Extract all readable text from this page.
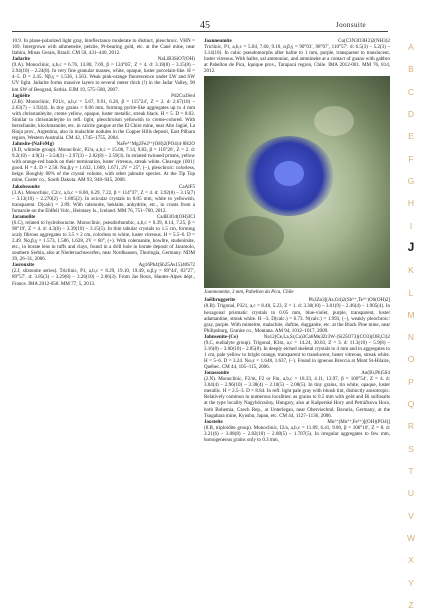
45	Joonsuite

10.9. In plane-polarized light gray, bireflectance moderate to distinct, pleochroic. VHN = 169. Intergrown with athmeneite, petzite, Pt-bearing gold, etc. at the Caué mine, near Itabira, Minas Gerais, Brazil. CM 50, 431–440, 2012.

Jadarite	NaLiB3SiO7(OH)

(9.A). Monoclinic, a,b,c = 6.76, 13.80, 7.69, β = 124°05′, Z = 4. d: 3.18(8) – 3.15(8) – 2.94(10) – 2.24(8). In very fine granular masses, white, opaque, luster porcelain-like. H = 4–5. D = 2.45. Nβ,γ = 1.536, 1.563. Weak pink-orange fluorescence under LW and SW UV light. Jadarite forms massive layers to several meter thick (!) in the Jadar Valley, 90 km SW of Beograd, Serbia. EJM 19, 575–580, 2007.

Jagüéite	Pd2Cu3Se4

(2.B). Monoclinic, P21/c, a,b,c = 5.67, 9.91, 6.26, β = 115°24′, Z = 2. d: 2.67(10) – 2.63(7) – 1.92(4). In tiny grains < 0.06 mm, forming pyrite-like aggregates up to 4 mm with chrisstanleyite, creme yellow, opaque, luster metallic, streak black. H = 5. D = 8.02. Similar to chrisstanleyite in refl. light, pleochroism yellowish to creme-colored. With berzelianite, klockmannite, etc. in calcite gangue at the El Chire mine, near Alto Jagüé, La Rioja prov., Argentina, also in malachite nodules in the Copper Hills deposit, East Pilbara region, Western Australia. CM 42, 1745–1755, 2004.

Jahnsite-(NaFeMg)	NaFe³⁺Mg2Fe2³⁺(OH)2(PO4)4·8H2O

(8.D, whiteite group). Monoclinic, P2/a, a,b,c = 15.08, 7.14, 9.83, β = 110°26′, Z = 2. d: 9.2(10) – 4.9(3) – 3.54(3) – 2.97(3) – 2.82(8) – 2.59(3). In striated twinned prisms, yellow with orange-red bands on their termination, luster vitreous, streak white. Cleavage {001} good. H = 4. D = 2.58. Nα,β,γ = 1.632, 1.669, 1.671, 2V = 25°, (−), pleochroic: colorless, beige. Roughly 80% of the crystal volume, with other jahnsite species. At the Tip Top mine, Custer co., South Dakota. AM 93, 940–945, 2008.

Jakobssonite	CaAlF5

(3.A). Monoclinic, C2/c, a,b,c = 8.00, 6.29, 7.22, β = 114°37′, Z = 4. d: 3.92(8) – 3.15(7) – 3.13(10) – 2.270(2) – 1.805(2). In acicular crystals to 0.05 mm, white to yellowish, transparent. D(calc) = 2.89. With ralstonite, heklaite, anhydrite, etc., in crusts from a fumarole on the Eldfell Volc., Heimaey Is., Iceland. MM 76, 751–760, 2012.

Jaramolite	Ca4B3O4(OH)3Cl

(6.C), related to hydroboracite. Monoclinic, pseudorhombic, a,b,c = 8.39, 8.14, 7.25, β = 98°19′, Z = 4. d: 4.3(6) – 3.39(10) – 3.15(5). In thin tabular crystals to 1.5 cm, forming scaly fibrous aggregates to 3.5 × 2 cm, colorless to white, luster vitreous. H = 5.5–6. D = 2.49. Nα,β,γ = 1.573, 1.586, 1.628, 2V = 60°, (+). With colemanite, howlite, studenitsite, etc., in borate lens in tuffs and clays, found in a drill hole in borate deposit of Jaramolo, southern Serbia, also at Niedersachswerfen, near Nordhausen, Thuringia, Germany. NDM 39, 26–31, 2006.

Jasrouxite	Ag16Pb4(Sb25As15)40S72

(2.J, slistonite series). Triclinic, P1, a,b,c = 8.29, 19.10, 19.49, α,β,γ = 89°44′, 83°27′, 89°57′. d: 3.85(3) – 3.29(8) – 3.26(10) – 2.86(3). From Jas Roux, Hautes-Alpes dépt., France. IMA 2012-058. MM 77, 5, 2013.

Joanneumite	Cu(C3N3O3H2)2(NH3)2

Triclinic, P1, a,b,c = 5.04, 7.60, 9.10, α,β,γ = 90°03′, 98°07′, 110°57′. d: 6.5(3) – 5.2(3) – 3.14(10). In cubic pseudomorphs after halite to 1 mm, purple, transparent to translucent, luster vitreous. With halite, sal ammoniac, and ammineite at a contact of guano with gabbro at Pabellon de Pica, Iquique prov., Tarapacá region, Chile. IMA 2012-001. MM 76, 814, 2012.

Joanneumite, 3 mm, Pabellon da Pica, Chile

Joëlbruggerite	Pb3Zn3[(As,O4)2(Sb⁵⁺,Te⁶⁺)O6(OH)2]

(8.B). Trigonal, P321, a,c = 8.48, 5.23, Z = 1. d: 3.30(10) – 3.01(9) – 2.46(4) – 1.905(4). In hexagonal prismatic crystals to 0.05 mm, blue-violet, purple, transparent, luster adamantine, streak white. H ~3. D(calc.) = 6.73. N(calc.) = 1.993, (−), weakly pleochroic: gray, purple. With mimetite, malachite, duftite, dugganite, etc. at the Black Pine mine, near Philipsburg, Granite co., Montana. AM 94, 1012–1017, 2009.

Johnsenite-(Ce)	Na12(Ce,La,Sr,Ca)3Ca6Mn3Zr3W·(Si25O73)(CO3)(OH,Cl)2

(9.C, eudialyte group). Trigonal, R3m, a,c = 14.24, 30.03, Z = 3. d: 11.3(10) – 5.9(8) – 3.16(8) – 3.00(10) – 2.85(8). In deeply etched skeletal crystals to 4 mm and in aggregates to 1 cm, pale yellow to bright orange, transparent to translucent, luster vitreous, streak white. H = 5–6. D = 3.24. Nω,ε = 1.648, 1.637, (−). Found in igneous Breccia at Mont St-Hilaire, Québec. CM 44, 105–115, 2006.

Jonassonite	Au(Bi,Pb)5S4

(2.N). Monoclinic, F2/m, F2 or Fm, a,b,c = 18.33, 4.11, 13.97, β = 100°54′, Z = 4. d: 3.04(4) – 2.96(10) – 3.38(4) – 2.10(5) – 2.08(5). In tiny grains, tin white, opaque, luster metallic. H = 2.5–3. D = 8.84. In refl. light pale gray with bluish tint, distinctly anisotropic. Relatively common in numerous localities: as grains to 0.5 mm with gold and Bi sulfosalts at the type locality Nagybörzsöny, Hungary, also at Kašperské Hory and Petráčkova Hora, both Bohemia, Czech Rep., at Unterlegau, near Oberviechtal, Bavaria, Germany, at the Tsugahara mine, Kyushu, Japan, etc. CM 44, 1127–1136, 2006.

Joosteite	Mn²⁺(Mn³⁺,Fe³⁺)[(OH)(PO4)]

(8.B, triploidite group). Monoclinic, I2/a, a,b,c = 11.89, 6.41, 9.80, β = 106°10′, Z = 8. d: 3.21(6) – 3.08(8) – 2.82(10) – 2.08(5) – 1.787(5). In irregular aggregates to few mm, homogeneous grains only to 0.3 mm,

A
B
C
D
E
F
G
H
I
J
K
L
M
N
O
P
Q
R
S
T
U
V
W
X
Y
Z
